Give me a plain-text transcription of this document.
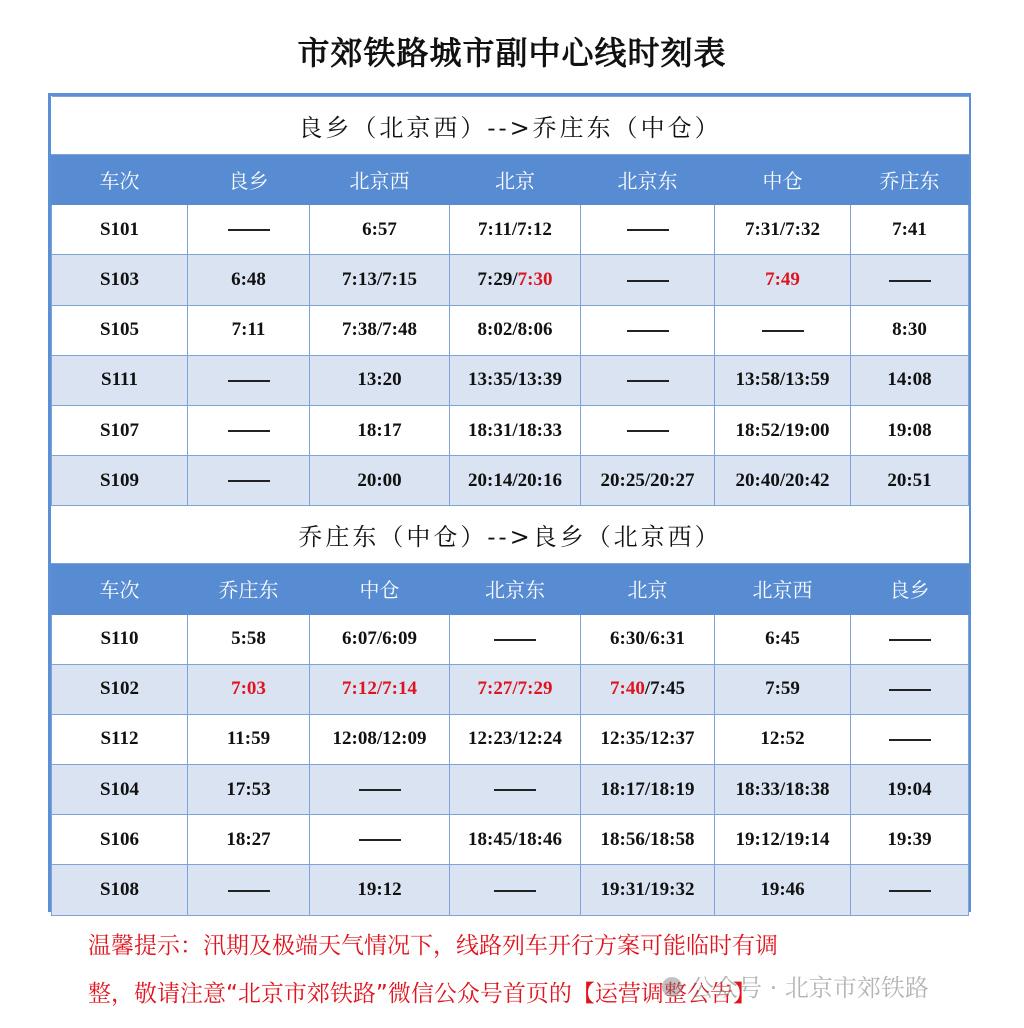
市郊铁路城市副中心线时刻表
良乡（北京西）-->乔庄东（中仓）						
车次	良乡	北京西	北京	北京东	中仓	乔庄东
S101		6:57	7:11/7:12		7:31/7:32	7:41
S103	6:48	7:13/7:15	7:29/7:30		7:49	
S105	7:11	7:38/7:48	8:02/8:06			8:30
S111		13:20	13:35/13:39		13:58/13:59	14:08
S107		18:17	18:31/18:33		18:52/19:00	19:08
S109		20:00	20:14/20:16	20:25/20:27	20:40/20:42	20:51
乔庄东（中仓）-->良乡（北京西）						
车次	乔庄东	中仓	北京东	北京	北京西	良乡
S110	5:58	6:07/6:09		6:30/6:31	6:45	
S102	7:03	7:12/7:14	7:27/7:29	7:40/7:45	7:59	
S112	11:59	12:08/12:09	12:23/12:24	12:35/12:37	12:52	
S104	17:53			18:17/18:19	18:33/18:38	19:04
S106	18:27		18:45/18:46	18:56/18:58	19:12/19:14	19:39
S108		19:12		19:31/19:32	19:46	
温馨提示：汛期及极端天气情况下，线路列车开行方案可能临时有调
整，敬请注意“北京市郊铁路”微信公众号首页的【运营调整公告】
公众号 · 北京市郊铁路
